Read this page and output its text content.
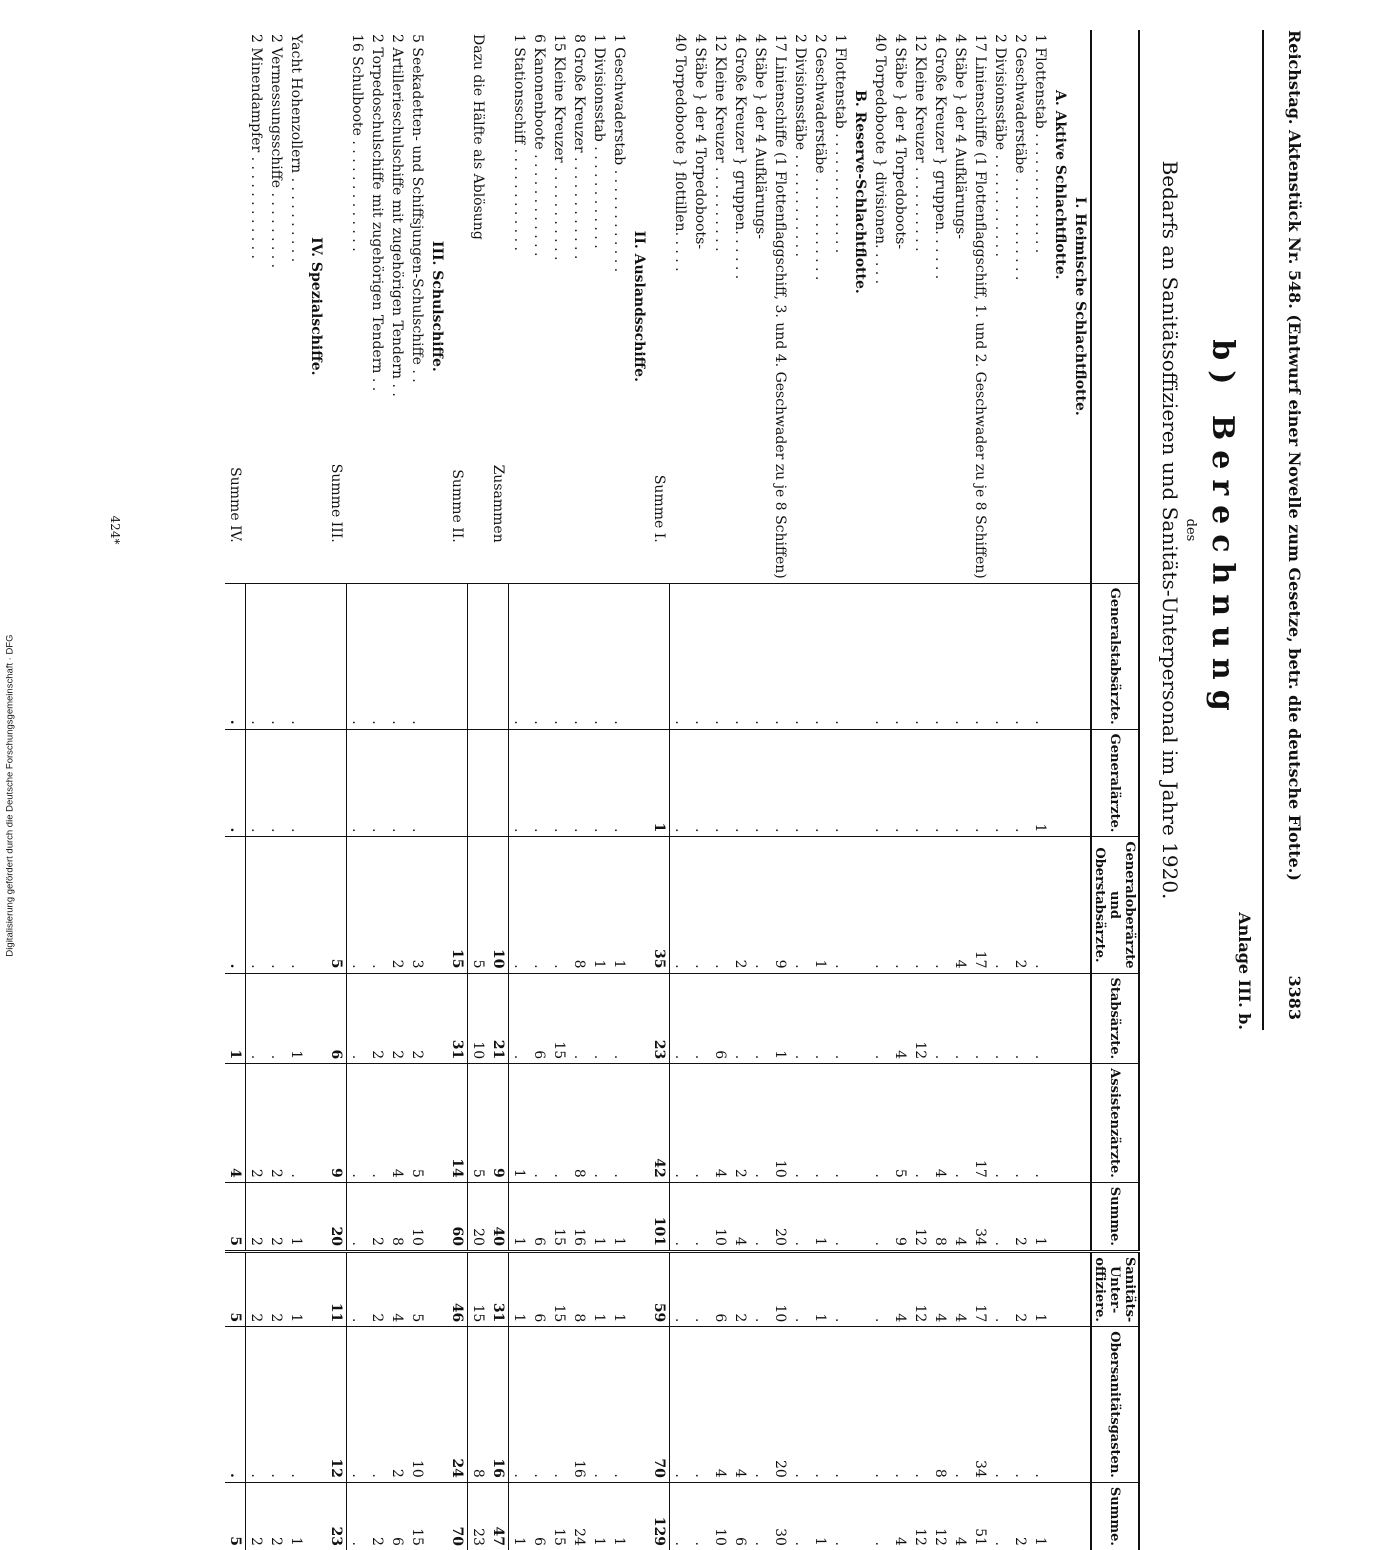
Digitalisierung gefördert durch die Deutsche Forschungsgemeinschaft · DFG	Reichstag. Aktenstück Nr. 548. (Entwurf einer Novelle zum Gesetze, betr. die deutsche Flotte.)
3383
Anlage III. b.
b) Berechnung
des
Bedarfs an Sanitätsoffizieren und Sanitäts-Unterpersonal im Jahre 1920.
	Generalstabsärzte.	Generalärzte.	Generaloberärzte und Oberstabsärzte.	Stabsärzte.	Assistenzärzte.	Summe.	Sanitäts-Unter-offiziere.	Obersanitätsgasten.	Summe.
I. Heimische Schlachtflotte.									
A. Aktive Schlachtflotte.									
1 Flottenstab . . . . . . . . . . . . . .	.	1	.	.	.	1	1	.	1
2 Geschwaderstäbe . . . . . . . . . . . .	.	.	2	.	.	2	2	.	2
2 Divisionsstäbe . . . . . . . . . . . .	.	.	.	.	.	.	.	.	.
17 Linienschiffe (1 Flottenflaggschiff, 1. und 2. Geschwader zu je 8 Schiffen)	.	.	17	.	17	34	17	34	51
4 Stäbe } der 4 Aufklärungs-	.	.	4	.	.	4	4	.	4
4 Große Kreuzer } gruppen. . . . . .	.	.	.	.	4	8	4	8	12
12 Kleine Kreuzer . . . . . . . . . .	.	.	.	12	.	12	12	.	12
4 Stäbe } der 4 Torpedoboots-	.	.	.	4	5	9	4	.	4
40 Torpedoboote } divisionen. . . . .	.	.	.	.	.	.	.	.	.
B. Reserve-Schlachtflotte.									
1 Flottenstab . . . . . . . . . . . . . .	.	.	.	.	.	.	.	.	.
2 Geschwaderstäbe . . . . . . . . . . . .	.	.	1	.	.	1	1	.	1
2 Divisionsstäbe . . . . . . . . . . . .	.	.	.	.	.	.	.	.	.
17 Linienschiffe (1 Flottenflaggschiff, 3. und 4. Geschwader zu je 8 Schiffen)	.	.	9	1	10	20	10	20	30
4 Stäbe } der 4 Aufklärungs-	.	.	.	.	.	.	.	.	.
4 Große Kreuzer } gruppen. . . . . .	.	.	2	.	2	4	2	4	6
12 Kleine Kreuzer . . . . . . . . . .	.	.	.	6	4	10	6	4	10
4 Stäbe } der 4 Torpedoboots-	.	.	.	.	.	.	.	.	.
40 Torpedoboote } flottillen. . . . .	.	.	.	.	.	.	.	.	.
Summe I.		1	35	23	42	101	59	70	129
II. Auslandsschiffe.									
1 Geschwaderstab . . . . . . . . . . . .	.	.	1	.	.	1	1	.	1
1 Divisionsstab . . . . . . . . . . . .	.	.	1	.	.	1	1	.	1
8 Große Kreuzer . . . . . . . . . . . .	.	.	8	.	8	16	8	16	24
15 Kleine Kreuzer . . . . . . . . . . .	.	.	.	15	.	15	15	.	15
6 Kanonenboote . . . . . . . . . . . .	.	.	.	6	.	6	6	.	6
1 Stationsschiff . . . . . . . . . . . .	.	.	.	.	1	1	1	.	1
Zusammen			10	21	9	40	31	16	47
Dazu die Hälfte als Ablösung			5	10	5	20	15	8	23
Summe II.			15	31	14	60	46	24	70
III. Schulschiffe.									
5 Seekadetten- und Schiffsjungen-Schulschiffe . .	.	.	3	2	5	10	5	10	15
2 Artillerieschulschiffe mit zugehörigen Tendern . .	.	.	2	2	4	8	4	2	6
2 Torpedoschulschiffe mit zugehörigen Tendern . .	.	.	.	2	.	2	2	.	2
16 Schulboote . . . . . . . . . . . . .	.	.	.	.	.	.	.	.	.
Summe III.			5	6	9	20	11	12	23
IV. Spezialschiffe.									
Yacht Hohenzollern . . . . . . . . . .	.	.	.	1	.	1	1	.	1
2 Vermessungsschiffe . . . . . . . . .	.	.	.	.	2	2	2	.	2
2 Minendampfer . . . . . . . . . . . .	.	.	.	.	2	2	2	.	2
Summe IV.	.	.	.	1	4	5	5	.	5
424*
